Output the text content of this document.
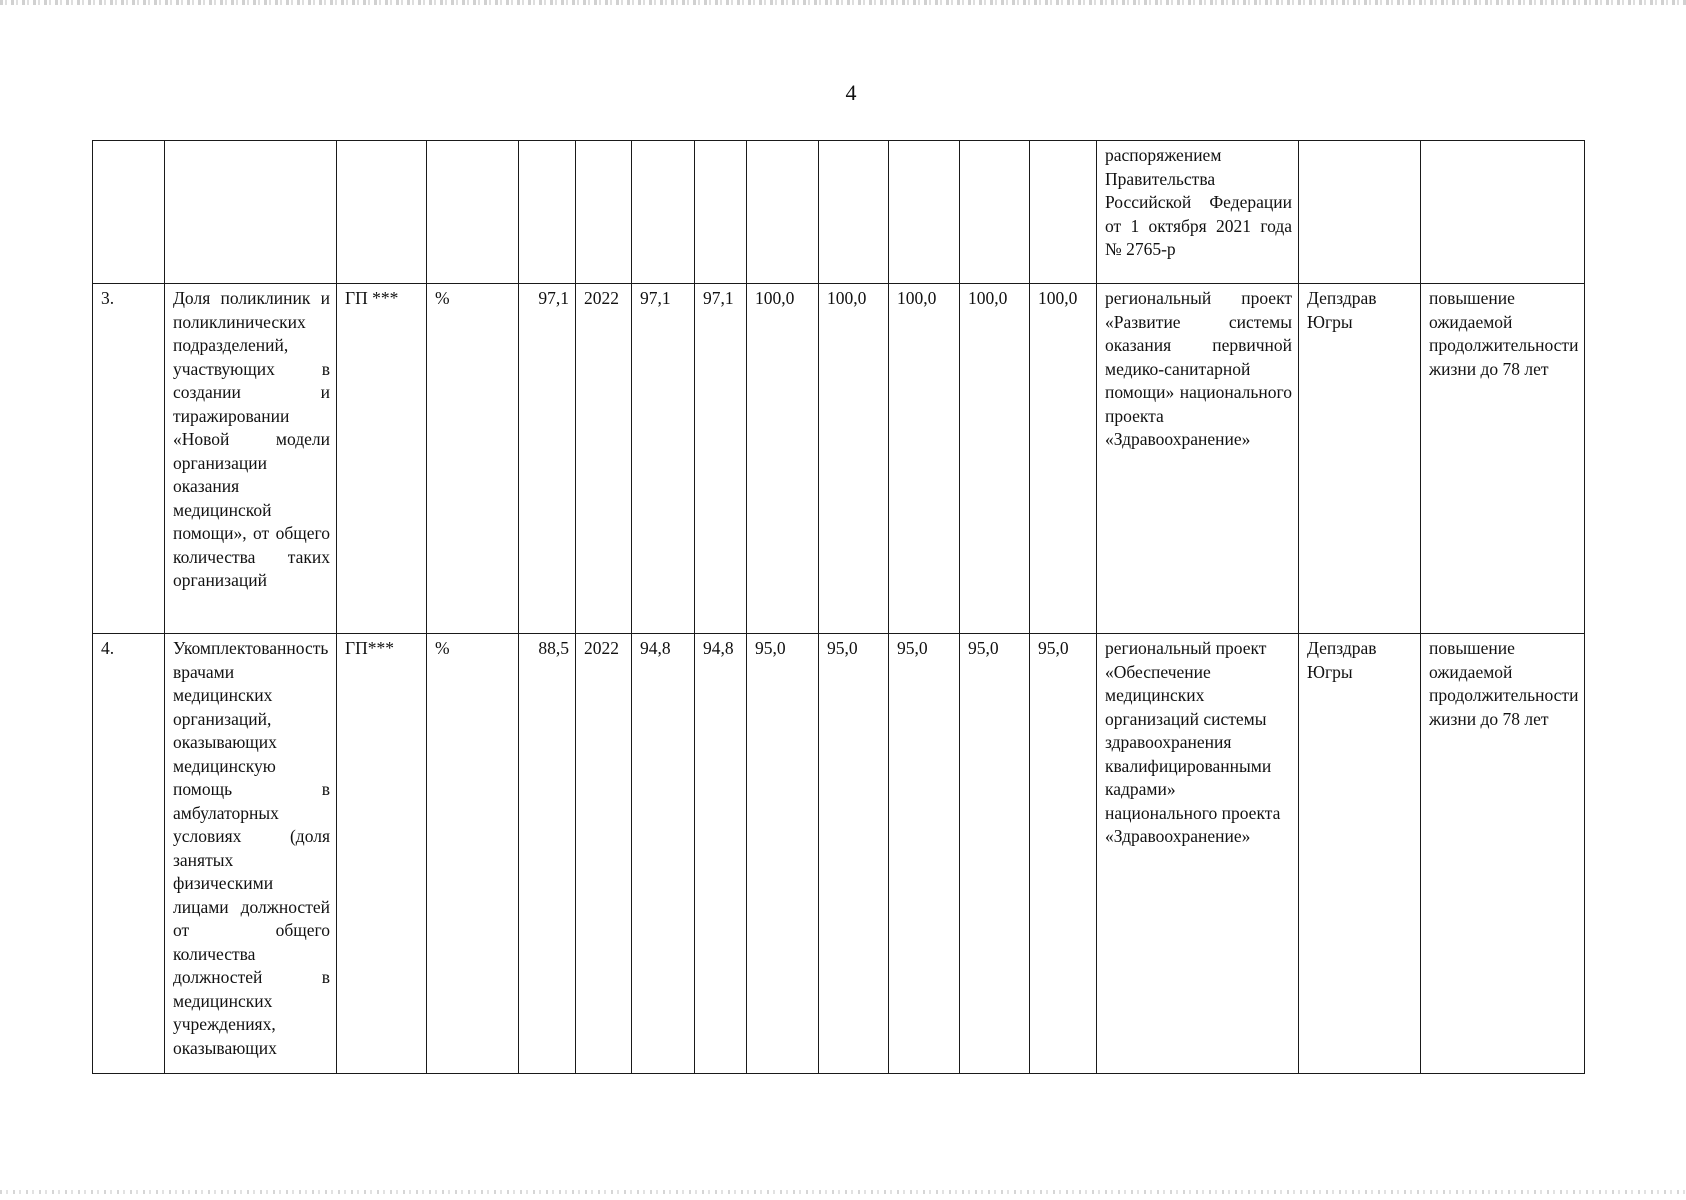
4
													распоряжением Правительства Российской Федерации от 1 октября 2021 года № 2765-р		
3.	Доля поликлиник и поликлинических подразделений, участвующих в создании и тиражировании «Новой модели организации оказания медицинской помощи», от общего количества таких организаций	ГП ***	%	97,1	2022	97,1	97,1	100,0	100,0	100,0	100,0	100,0	региональный проект «Развитие системы оказания первичной медико-санитарной помощи» национального проекта «Здравоохранение»	Депздрав Югры	повышение ожидаемой продолжительности жизни до 78 лет
4.	Укомплектованность врачами медицинских организаций, оказывающих медицинскую помощь в амбулаторных условиях (доля занятых физическими лицами должностей от общего количества должностей в медицинских учреждениях, оказывающих	ГП***	%	88,5	2022	94,8	94,8	95,0	95,0	95,0	95,0	95,0	региональный проект «Обеспечение медицинских организаций системы здравоохранения квалифицированными кадрами» национального проекта «Здравоохранение»	Депздрав Югры	повышение ожидаемой продолжительности жизни до 78 лет
